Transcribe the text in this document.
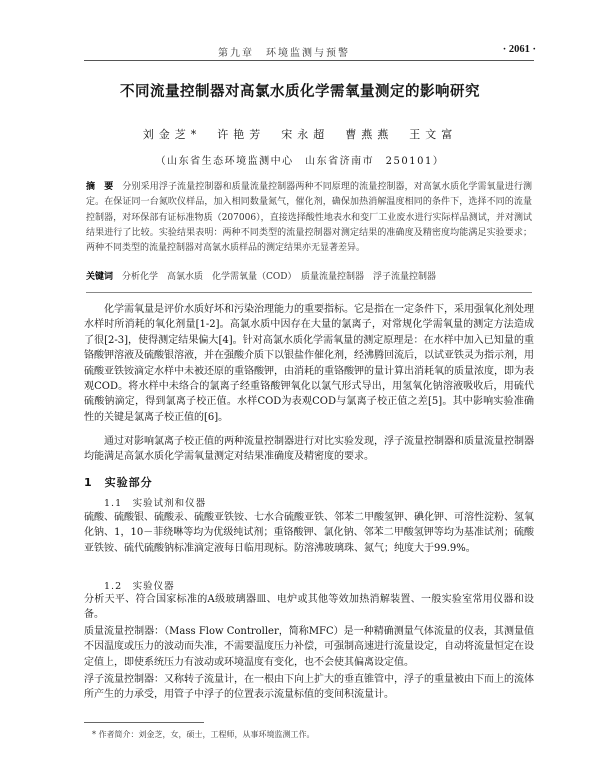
第九章　环境监测与预警	· 2061 ·
不同流量控制器对高氯水质化学需氧量测定的影响研究
刘金芝*　许艳芳　宋永超　曹燕燕　王文富
（山东省生态环境监测中心　山东省济南市　250101）
摘　要　 分别采用浮子流量控制器和质量流量控制器两种不同原理的流量控制器，对高氯水质化学需氧量进行测定。在保证同一台氮吹仪样品，加入相同数量氮气，催化剂，确保加热消解温度相同的条件下，选择不同的流量控制器，对环保部有证标准物质（207006），直接选择酸性地表水和变厂工业废水进行实际样品测试，并对测试结果进行了比较。实验结果表明：两种不同类型的流量控制器对测定结果的准确度及精密度均能满足实验要求；两种不同类型的流量控制器对高氯水质样品的测定结果亦无显著差异。
关键词　 分析化学　高氯水质　化学需氧量（COD）　质量流量控制器　浮子流量控制器
化学需氧量是评价水质好坏和污染治理能力的重要指标。它是指在一定条件下，采用强氧化剂处理水样时所消耗的氧化剂量[1-2]。高氯水质中因存在大量的氯离子，对常规化学需氧量的测定方法造成了很[2-3]，使得测定结果偏大[4]。针对高氯水质化学需氧量的测定原理是：在水样中加入已知量的重铬酸钾溶液及硫酸银溶液，并在强酸介质下以银盐作催化剂，经沸腾回流后，以试亚铁灵为指示剂，用硫酸亚铁铵滴定水样中未被还原的重铬酸钾，由消耗的重铬酸钾的量计算出消耗氧的质量浓度，即为表观COD。将水样中未络合的氯离子经重铬酸钾氧化以氯气形式导出，用氢氧化钠溶液吸收后，用硫代硫酸钠滴定，得到氯离子校正值。水样COD为表观COD与氯离子校正值之差[5]。其中影响实验准确性的关键是氯离子校正值的[6]。
通过对影响氯离子校正值的两种流量控制器进行对比实验发现，浮子流量控制器和质量流量控制器均能满足高氯水质化学需氧量测定对结果准确度及精密度的要求。
1　实验部分
1.1　实验试剂和仪器
硫酸、硫酸银、硫酸汞、硫酸亚铁铵、七水合硫酸亚铁、邻苯二甲酸氢钾、碘化钾、可溶性淀粉、氢氧化钠、1，10－菲绕啉等均为优级纯试剂；重铬酸钾、氯化钠、邻苯二甲酸氢钾等均为基准试剂；硫酸亚铁铵、硫代硫酸钠标准滴定液每日临用现标。防溶沸玻璃珠、氮气；纯度大于99.9%。
1.2　实验仪器
分析天平、符合国家标准的A级玻璃器皿、电炉或其他等效加热消解装置、一般实验室常用仪器和设备。
质量流量控制器：（Mass Flow Controller，简称MFC）是一种精确测量气体流量的仪表，其测量值不因温度或压力的波动而失准，不需要温度压力补偿，可强制高速进行流量设定，自动将流量恒定在设定值上，即使系统压力有波动或环境温度有变化，也不会使其偏离设定值。
浮子流量控制器：又称转子流量计，在一根由下向上扩大的垂直锥管中，浮子的重量被由下而上的流体所产生的力承受，用管子中浮子的位置表示流量标值的变间积流量计。
* 作者简介：刘金芝，女，硕士，工程师，从事环境监测工作。
